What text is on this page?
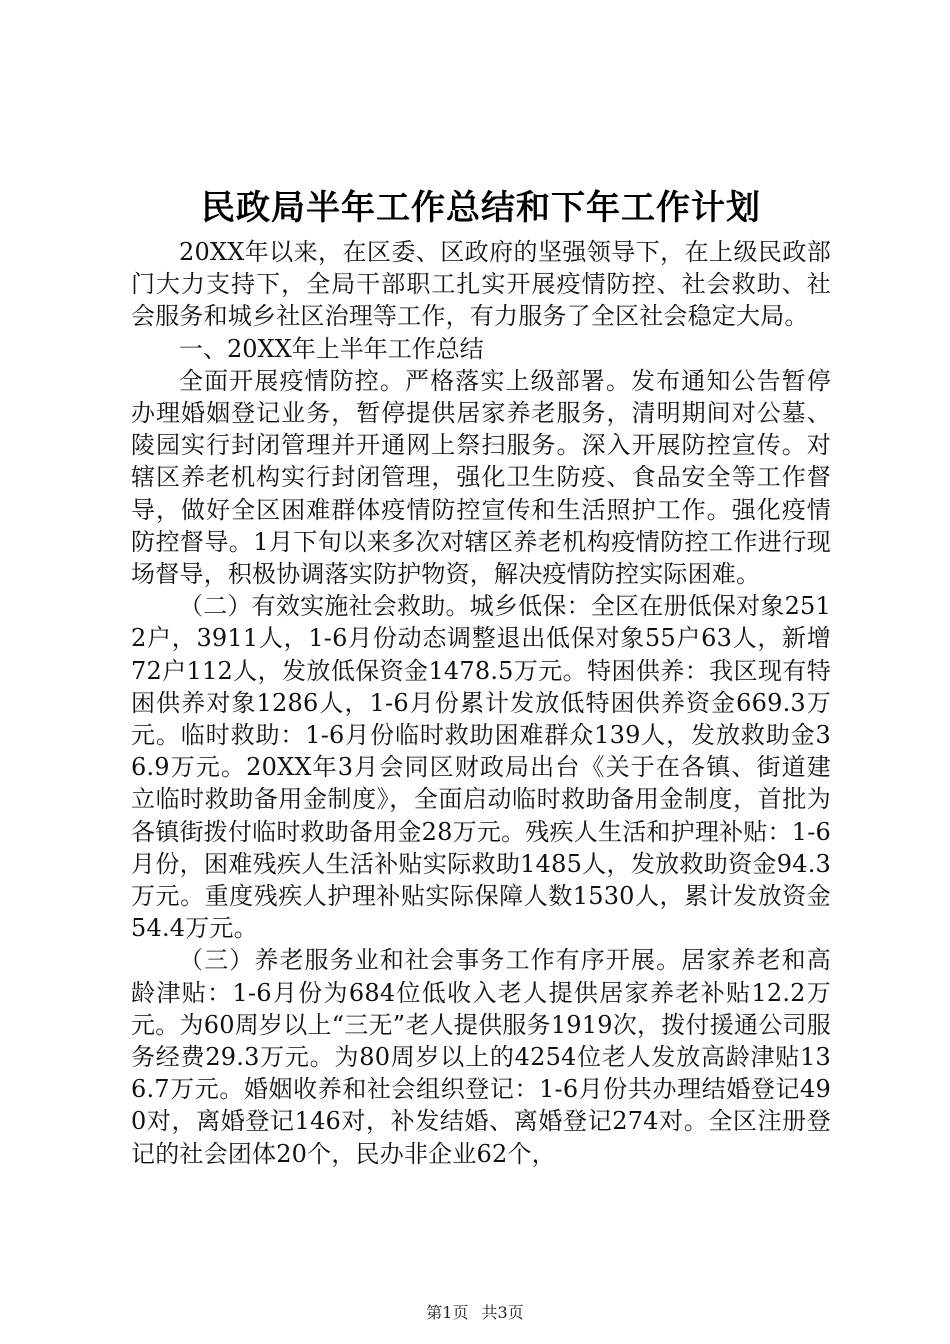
民政局半年工作总结和下年工作计划

20XX年以来，在区委、区政府的坚强领导下，在上级民政部门大力支持下，全局干部职工扎实开展疫情防控、社会救助、社会服务和城乡社区治理等工作，有力服务了全区社会稳定大局。

一、20XX年上半年工作总结

全面开展疫情防控。严格落实上级部署。发布通知公告暂停办理婚姻登记业务，暂停提供居家养老服务，清明期间对公墓、陵园实行封闭管理并开通网上祭扫服务。深入开展防控宣传。对辖区养老机构实行封闭管理，强化卫生防疫、食品安全等工作督导，做好全区困难群体疫情防控宣传和生活照护工作。强化疫情防控督导。1月下旬以来多次对辖区养老机构疫情防控工作进行现场督导，积极协调落实防护物资，解决疫情防控实际困难。

（二）有效实施社会救助。城乡低保：全区在册低保对象2512户，3911人，1-6月份动态调整退出低保对象55户63人，新增72户112人，发放低保资金1478.5万元。特困供养：我区现有特困供养对象1286人，1-6月份累计发放低特困供养资金669.3万元。临时救助：1-6月份临时救助困难群众139人，发放救助金36.9万元。20XX年3月会同区财政局出台《关于在各镇、街道建立临时救助备用金制度》，全面启动临时救助备用金制度，首批为各镇街拨付临时救助备用金28万元。残疾人生活和护理补贴：1-6月份，困难残疾人生活补贴实际救助1485人，发放救助资金94.3万元。重度残疾人护理补贴实际保障人数1530人，累计发放资金54.4万元。

（三）养老服务业和社会事务工作有序开展。居家养老和高龄津贴：1-6月份为684位低收入老人提供居家养老补贴12.2万元。为60周岁以上“三无”老人提供服务1919次，拨付援通公司服务经费29.3万元。为80周岁以上的4254位老人发放高龄津贴136.7万元。婚姻收养和社会组织登记：1-6月份共办理结婚登记490对，离婚登记146对，补发结婚、离婚登记274对。全区注册登记的社会团体20个，民办非企业62个，

第1页 共3页
